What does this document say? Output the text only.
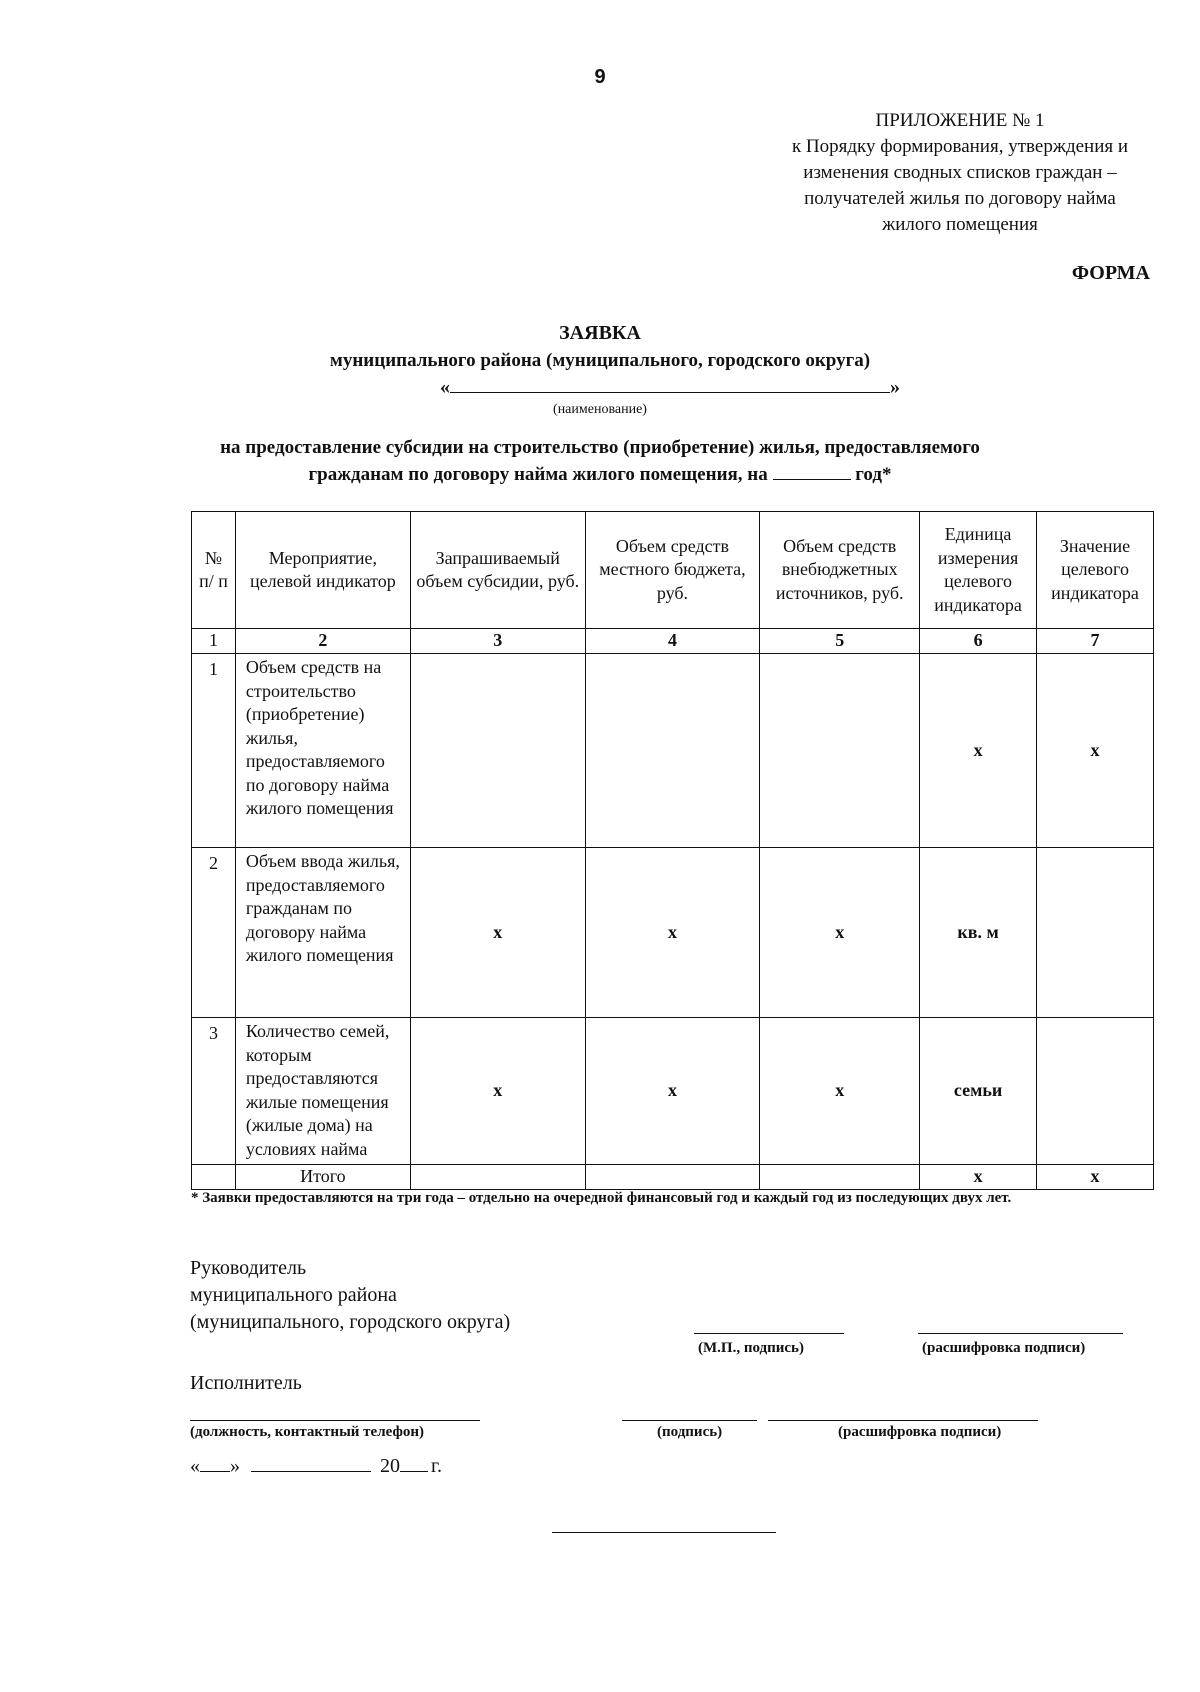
9
ПРИЛОЖЕНИЕ № 1
к Порядку формирования, утверждения и
изменения сводных списков граждан –
получателей жилья по договору найма
жилого помещения
ФОРМА
ЗАЯВКА
муниципального района (муниципального, городского округа)
«	»
(наименование)
на предоставление субсидии на строительство (приобретение) жилья, предоставляемого
гражданам по договору найма жилого помещения, на	год*
№ п/ п	Мероприятие, целевой индикатор	Запрашиваемый объем субсидии, руб.	Объем средств местного бюджета, руб.	Объем средств внебюджетных источников, руб.	Единица измерения целевого индикатора	Значение целевого индикатора
1	2	3	4	5	6	7
1	Объем средств на строительство (приобретение) жилья, предоставляемого по договору найма жилого помещения				х	х
2	Объем ввода жилья, предоставляемого гражданам по договору найма жилого помещения	х	х	х	кв. м	
3	Количество семей, которым предоставляются жилые помещения (жилые дома) на условиях найма	х	х	х	семьи	
	Итого				х	х
* Заявки предоставляются на три года – отдельно на очередной финансовый год и каждый год из последующих двух лет.
Руководитель
муниципального района
(муниципального, городского округа)
(М.П., подпись)	(расшифровка подписи)
Исполнитель
(должность, контактный телефон)	(подпись)	(расшифровка подписи)
« »	20 г.
